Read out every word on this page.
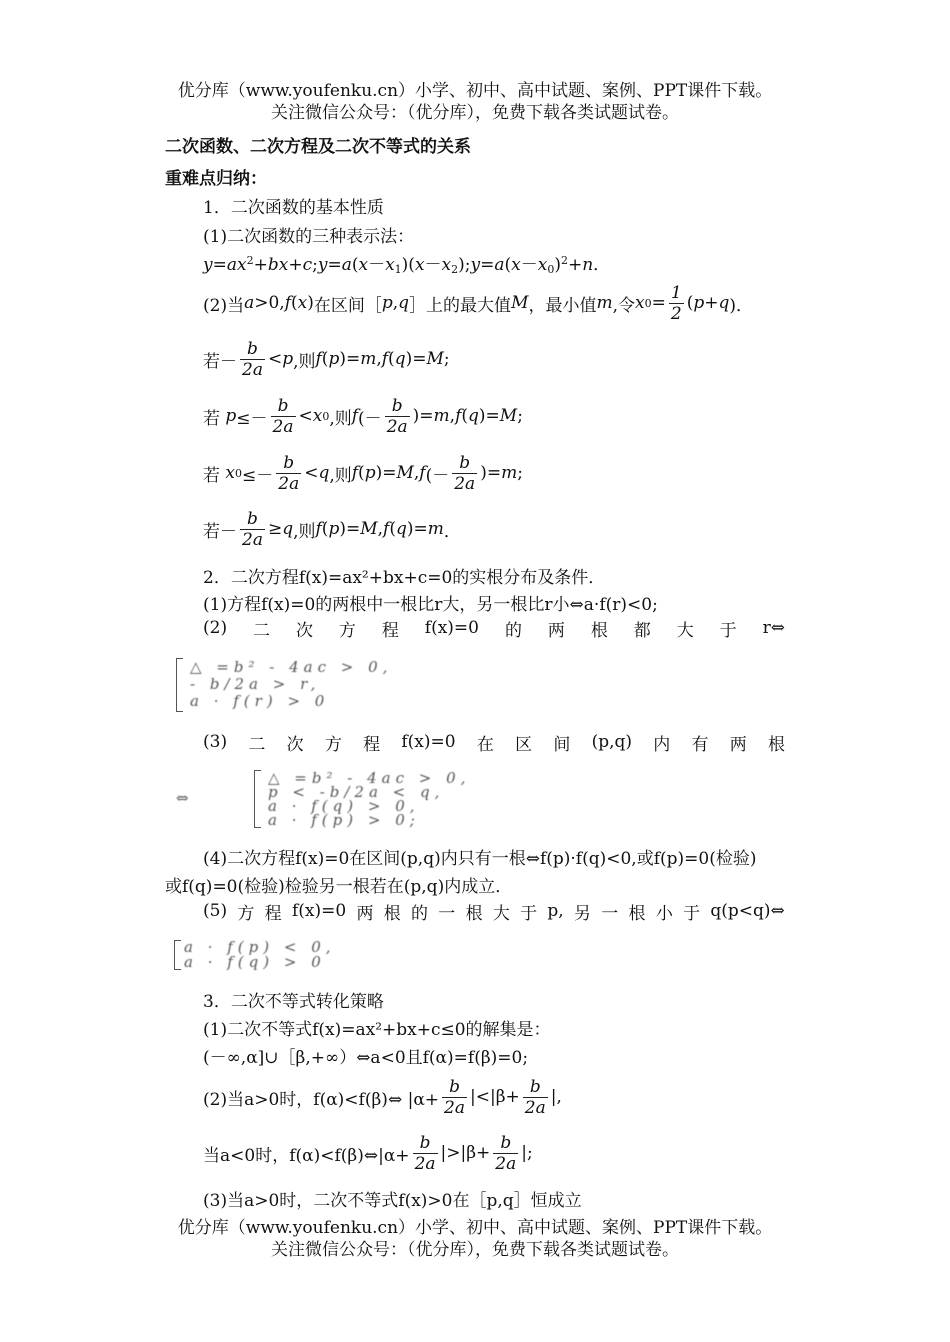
优分库（www.youfenku.cn）小学、初中、高中试题、案例、PPT课件下载。
关注微信公众号：（优分库），免费下载各类试题试卷。
二次函数、二次方程及二次不等式的关系
重难点归纳：
1．二次函数的基本性质
(1)二次函数的三种表示法：
$y=ax^2+bx+c;y=a(x-x_1)(x-x_2);y=a(x-x_0)^2+n$．
(2)当 a >0, f ( x ) 在区间［ p , q ］上的最大值 M ，最小值 m ,令 x $0 = \frac{1}{2}$ ( p + q )．
若 － $\frac{b}{2a} < p$ ,则 f ( p )= m , f ( q )= M ;
若
$p \le- \frac{b}{2a} < x$ 0 ,则 f (－ $\frac{b}{2a}$ )= m , f ( q )= M ;
若
x $0 \le- \frac{b}{2a} < q$ ,则 f ( p )= M , f (－ $\frac{b}{2a}$ )= m ;
若 － $\frac{b}{2a} \ge q$ ,则 f ( p )= M , f ( q )= m ．
2．二次方程f(x)=ax²+bx+c=0的实根分布及条件．
(1)方程f(x)=0的两根中一根比r大，另一根比r小⇔a·f(r)<0;
(2) 二 次 方 程 f(x)=0 的 两 根 都 大 于 r⇔
△ =b² - 4ac > 0,
- b/2a > r,
a · f(r) > 0
(3) 二 次 方 程 f(x)=0 在 区 间 (p,q) 内 有 两 根
⇔
△ =b² - 4ac > 0,
p < -b/2a < q,
a · f(q) > 0,
a · f(p) > 0;
(4)二次方程f(x)=0在区间(p,q)内只有一根⇔f(p)·f(q)<0,或f(p)=0(检验)
或f(q)=0(检验)检验另一根若在(p,q)内成立．
(5) 方 程 f(x)=0 两 根 的 一 根 大 于 p, 另 一 根 小 于 q(p<q)⇔
a · f(p) < 0,
a · f(q) > 0
3．二次不等式转化策略
(1)二次不等式f(x)=ax²+bx+c≤0的解集是：
(－∞,α]∪［β,+∞）⇔a<0且f(α)=f(β)=0;
(2)当a>0时，f(α)<f(β)⇔ $|\alpha+ \frac{b}{2a} |<|\beta+ \frac{b}{2a}$ |,
当a<0时，f(α)<f(β)⇔|α+ $\frac{b}{2a} |>|\beta+ \frac{b}{2a}$ |;
(3)当a>0时，二次不等式f(x)>0在［p,q］恒成立
优分库（www.youfenku.cn）小学、初中、高中试题、案例、PPT课件下载。
关注微信公众号：（优分库），免费下载各类试题试卷。
